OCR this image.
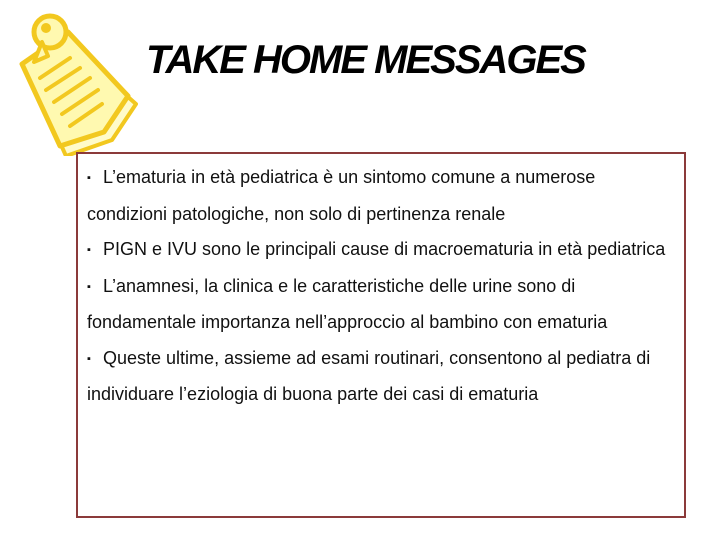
TAKE HOME MESSAGES
▪ L’ematuria in età pediatrica è un sintomo comune a numerose condizioni patologiche, non solo di pertinenza renale
▪ PIGN e IVU sono le principali cause di macroematuria in età pediatrica
▪ L’anamnesi, la clinica e le caratteristiche delle urine sono di fondamentale importanza nell’approccio al bambino con ematuria
▪ Queste ultime, assieme ad esami routinari, consentono al pediatra di individuare l’eziologia di buona parte dei casi di ematuria
